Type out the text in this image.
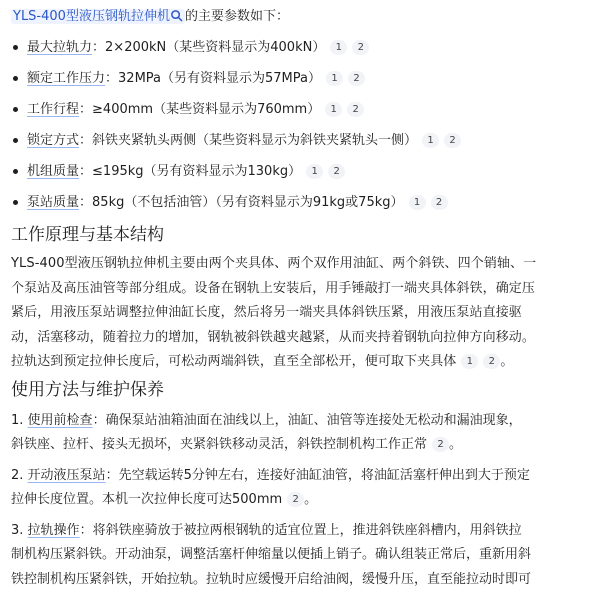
YLS-400型液压钢轨拉伸机 的主要参数如下：
最大拉轨力：2×200kN（某些资料显示为400kN） 1 2
额定工作压力：32MPa（另有资料显示为57MPa） 1 2
工作行程：≥400mm（某些资料显示为760mm） 1 2
锁定方式：斜铁夹紧轨头两侧（某些资料显示为斜铁夹紧轨头一侧） 1 2
机组质量：≤195kg（另有资料显示为130kg） 1 2
泵站质量：85kg（不包括油管）（另有资料显示为91kg或75kg） 1 2
工作原理与基本结构

YLS-400型液压钢轨拉伸机主要由两个夹具体、两个双作用油缸、两个斜铁、四个销轴、一

个泵站及高压油管等部分组成。设备在钢轨上安装后，用手锤敲打一端夹具体斜铁，确定压

紧后，用液压泵站调整拉伸油缸长度，然后将另一端夹具体斜铁压紧，用液压泵站直接驱

动，活塞移动，随着拉力的增加，钢轨被斜铁越夹越紧，从而夹持着钢轨向拉伸方向移动。

拉轨达到预定拉伸长度后，可松动两端斜铁，直至全部松开，便可取下夹具体 1 2 。

使用方法与维护保养
1. 使用前检查：确保泵站油箱油面在油线以上，油缸、油管等连接处无松动和漏油现象，
斜铁座、拉杆、接头无损坏，夹紧斜铁移动灵活，斜铁控制机构工作正常 2 。
2. 开动液压泵站：先空载运转5分钟左右，连接好油缸油管，将油缸活塞杆伸出到大于预定
拉伸长度位置。本机一次拉伸长度可达500mm 2 。
3. 拉轨操作：将斜铁座骑放于被拉两根钢轨的适宜位置上，推进斜铁座斜槽内，用斜铁拉
制机构压紧斜铁。开动油泵，调整活塞杆伸缩量以便插上销子。确认组装正常后，重新用斜
铁控制机构压紧斜铁，开始拉轨。拉轨时应缓慢开启给油阀，缓慢升压，直至能拉动时即可
